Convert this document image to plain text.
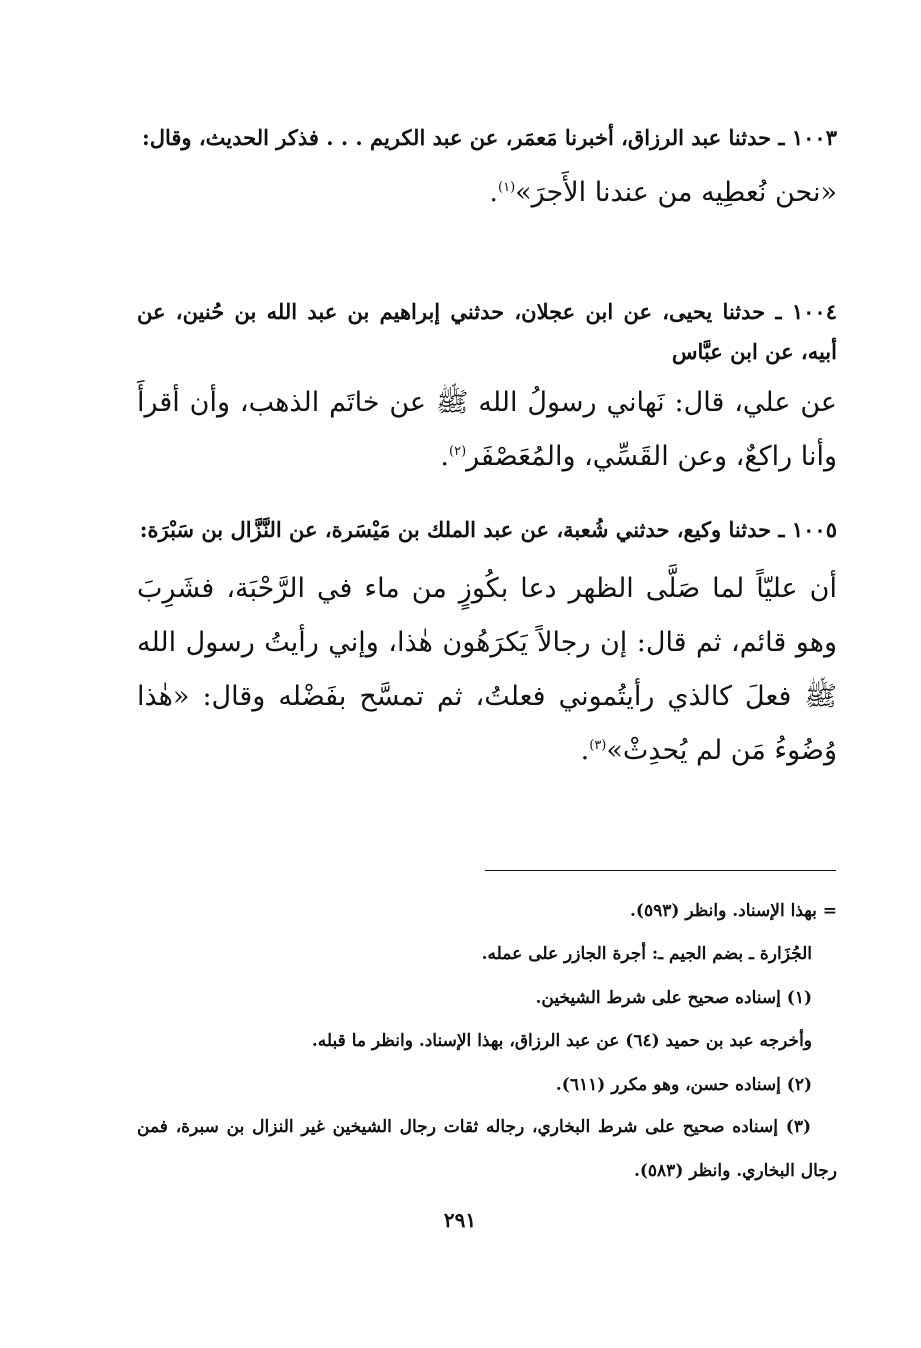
١٠٠٣ ـ حدثنا عبد الرزاق، أخبرنا مَعمَر، عن عبد الكريم . . . فذكر الحديث، وقال:

«نحن نُعطِيه من عندنا الأَجرَ»$^{(١)}$.

١٠٠٤ ـ حدثنا يحيى، عن ابن عجلان، حدثني إبراهيم بن عبد الله بن حُنين، عن أبيه، عن ابن عبَّاس

عن علي، قال: نَهاني رسولُ الله ﷺ عن خاتَم الذهب، وأن أقرأَ وأنا راكعٌ، وعن القَسِّي، والمُعَصْفَر$^{(٢)}$.

١٠٠٥ ـ حدثنا وكيع، حدثني شُعبة، عن عبد الملك بن مَيْسَرة، عن النَّزَّال بن سَبْرَة:

أن عليّاً لما صَلَّى الظهر دعا بكُوزٍ من ماء في الرَّحْبَة، فشَرِبَ وهو قائم، ثم قال: إن رجالاً يَكرَهُون هٰذا، وإني رأيتُ رسول الله ﷺ فعلَ كالذي رأيتُموني فعلتُ، ثم تمسَّح بفَضْله وقال: «هٰذا وُضُوءُ مَن لم يُحدِثْ»$^{(٣)}$.

= بهذا الإسناد. وانظر (٥٩٣).

الجُزَارة ـ بضم الجيم ـ: أجرة الجازر على عمله.

(١) إسناده صحيح على شرط الشيخين.

وأخرجه عبد بن حميد (٦٤) عن عبد الرزاق، بهذا الإسناد. وانظر ما قبله.

(٢) إسناده حسن، وهو مكرر (٦١١).

(٣) إسناده صحيح على شرط البخاري، رجاله ثقات رجال الشيخين غير النزال بن سبرة، فمن رجال البخاري. وانظر (٥٨٣).

٢٩١
